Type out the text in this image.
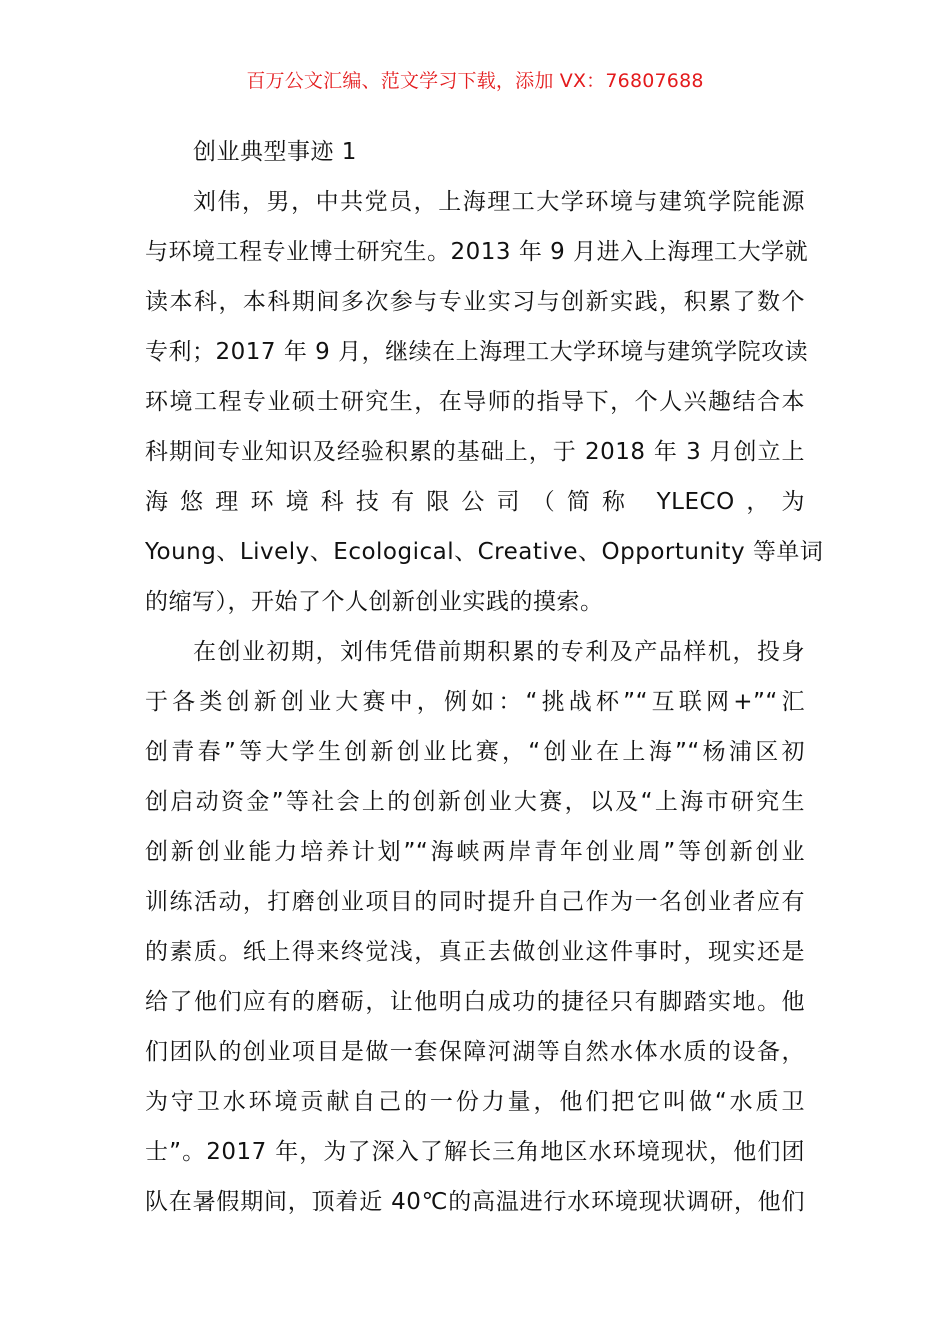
百万公文汇编、范文学习下载，添加 VX：76807688
创业典型事迹 1
刘伟，男，中共党员，上海理工大学环境与建筑学院能源
与环境工程专业博士研究生。2013 年 9 月进入上海理工大学就
读本科，本科期间多次参与专业实习与创新实践，积累了数个
专利；2017 年 9 月，继续在上海理工大学环境与建筑学院攻读
环境工程专业硕士研究生，在导师的指导下，个人兴趣结合本
科期间专业知识及经验积累的基础上，于 2018 年 3 月创立上
海悠理环境科技有限公司（简称 YLECO，为
Young、Lively、Ecological、Creative、Opportunity 等单词
的缩写），开始了个人创新创业实践的摸索。
在创业初期，刘伟凭借前期积累的专利及产品样机，投身
于各类创新创业大赛中，例如：“挑战杯”“互联网+”“汇
创青春”等大学生创新创业比赛，“创业在上海”“杨浦区初
创启动资金”等社会上的创新创业大赛，以及“上海市研究生
创新创业能力培养计划”“海峡两岸青年创业周”等创新创业
训练活动，打磨创业项目的同时提升自己作为一名创业者应有
的素质。纸上得来终觉浅，真正去做创业这件事时，现实还是
给了他们应有的磨砺，让他明白成功的捷径只有脚踏实地。他
们团队的创业项目是做一套保障河湖等自然水体水质的设备，
为守卫水环境贡献自己的一份力量，他们把它叫做“水质卫
士”。2017 年，为了深入了解长三角地区水环境现状，他们团
队在暑假期间，顶着近 40℃的高温进行水环境现状调研，他们
